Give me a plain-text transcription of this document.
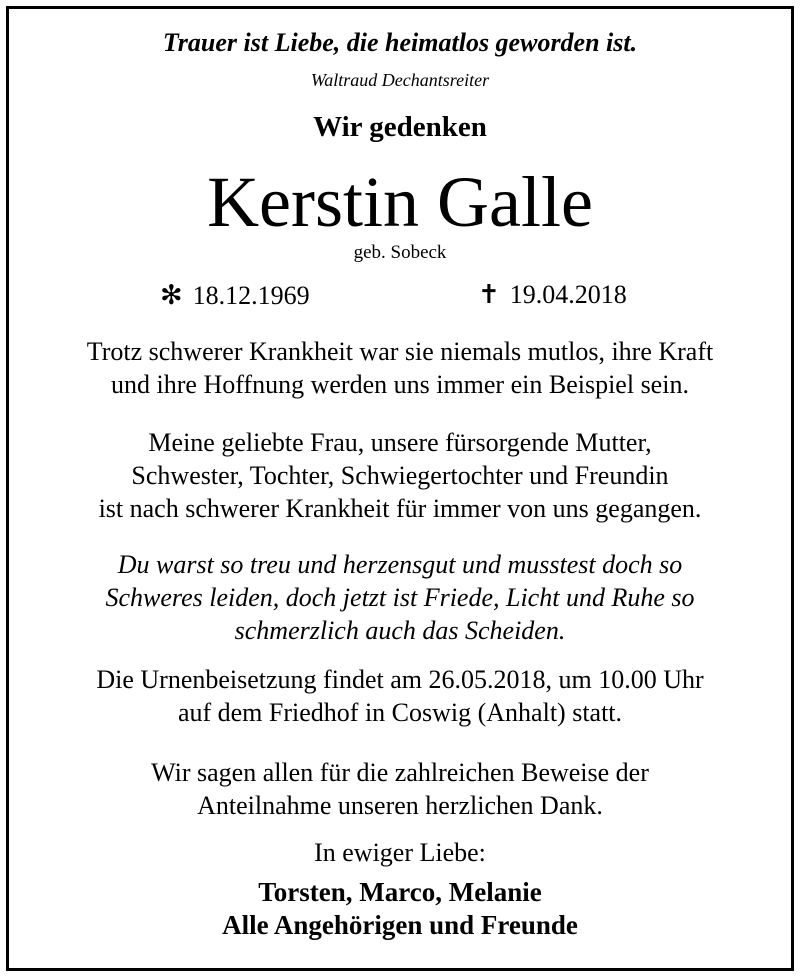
Trauer ist Liebe, die heimatlos geworden ist.
Waltraud Dechantsreiter
Wir gedenken
Kerstin Galle
geb. Sobeck
✻ 18.12.1969	✝ 19.04.2018
Trotz schwerer Krankheit war sie niemals mutlos, ihre Kraft
und ihre Hoffnung werden uns immer ein Beispiel sein.
Meine geliebte Frau, unsere fürsorgende Mutter,
Schwester, Tochter, Schwiegertochter und Freundin
ist nach schwerer Krankheit für immer von uns gegangen.
Du warst so treu und herzensgut und musstest doch so
Schweres leiden, doch jetzt ist Friede, Licht und Ruhe so
schmerzlich auch das Scheiden.
Die Urnenbeisetzung findet am 26.05.2018, um 10.00 Uhr
auf dem Friedhof in Coswig (Anhalt) statt.
Wir sagen allen für die zahlreichen Beweise der
Anteilnahme unseren herzlichen Dank.
In ewiger Liebe:
Torsten, Marco, Melanie
Alle Angehörigen und Freunde
